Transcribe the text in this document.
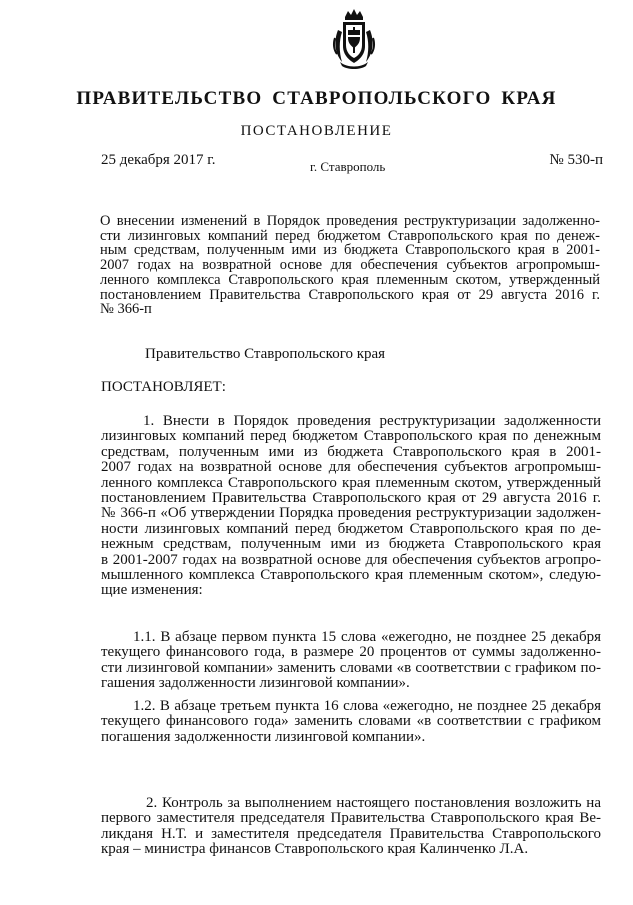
ПРАВИТЕЛЬСТВО СТАВРОПОЛЬСКОГО КРАЯ
ПОСТАНОВЛЕНИЕ
25 декабря 2017 г.	г. Ставрополь	№ 530-п
О внесении изменений в Порядок проведения реструктуризации задолженно-
сти лизинговых компаний перед бюджетом Ставропольского края по денеж-
ным средствам, полученным ими из бюджета Ставропольского края в 2001-
2007 годах на возвратной основе для обеспечения субъектов агропромыш-
ленного комплекса Ставропольского края племенным скотом, утвержденный
постановлением Правительства Ставропольского края от 29 августа 2016 г.
№ 366-п
Правительство Ставропольского края
ПОСТАНОВЛЯЕТ:
1. Внести в Порядок проведения реструктуризации задолженности
лизинговых компаний перед бюджетом Ставропольского края по денежным
средствам, полученным ими из бюджета Ставропольского края в 2001-
2007 годах на возвратной основе для обеспечения субъектов агропромыш-
ленного комплекса Ставропольского края племенным скотом, утвержденный
постановлением Правительства Ставропольского края от 29 августа 2016 г.
№ 366-п «Об утверждении Порядка проведения реструктуризации задолжен-
ности лизинговых компаний перед бюджетом Ставропольского края по де-
нежным средствам, полученным ими из бюджета Ставропольского края
в 2001-2007 годах на возвратной основе для обеспечения субъектов агропро-
мышленного комплекса Ставропольского края племенным скотом», следую-
щие изменения:
1.1. В абзаце первом пункта 15 слова «ежегодно, не позднее 25 декабря
текущего финансового года, в размере 20 процентов от суммы задолженно-
сти лизинговой компании» заменить словами «в соответствии с графиком по-
гашения задолженности лизинговой компании».
1.2. В абзаце третьем пункта 16 слова «ежегодно, не позднее 25 декабря
текущего финансового года» заменить словами «в соответствии с графиком
погашения задолженности лизинговой компании».
2. Контроль за выполнением настоящего постановления возложить на
первого заместителя председателя Правительства Ставропольского края Ве-
ликданя Н.Т. и заместителя председателя Правительства Ставропольского
края – министра финансов Ставропольского края Калинченко Л.А.
